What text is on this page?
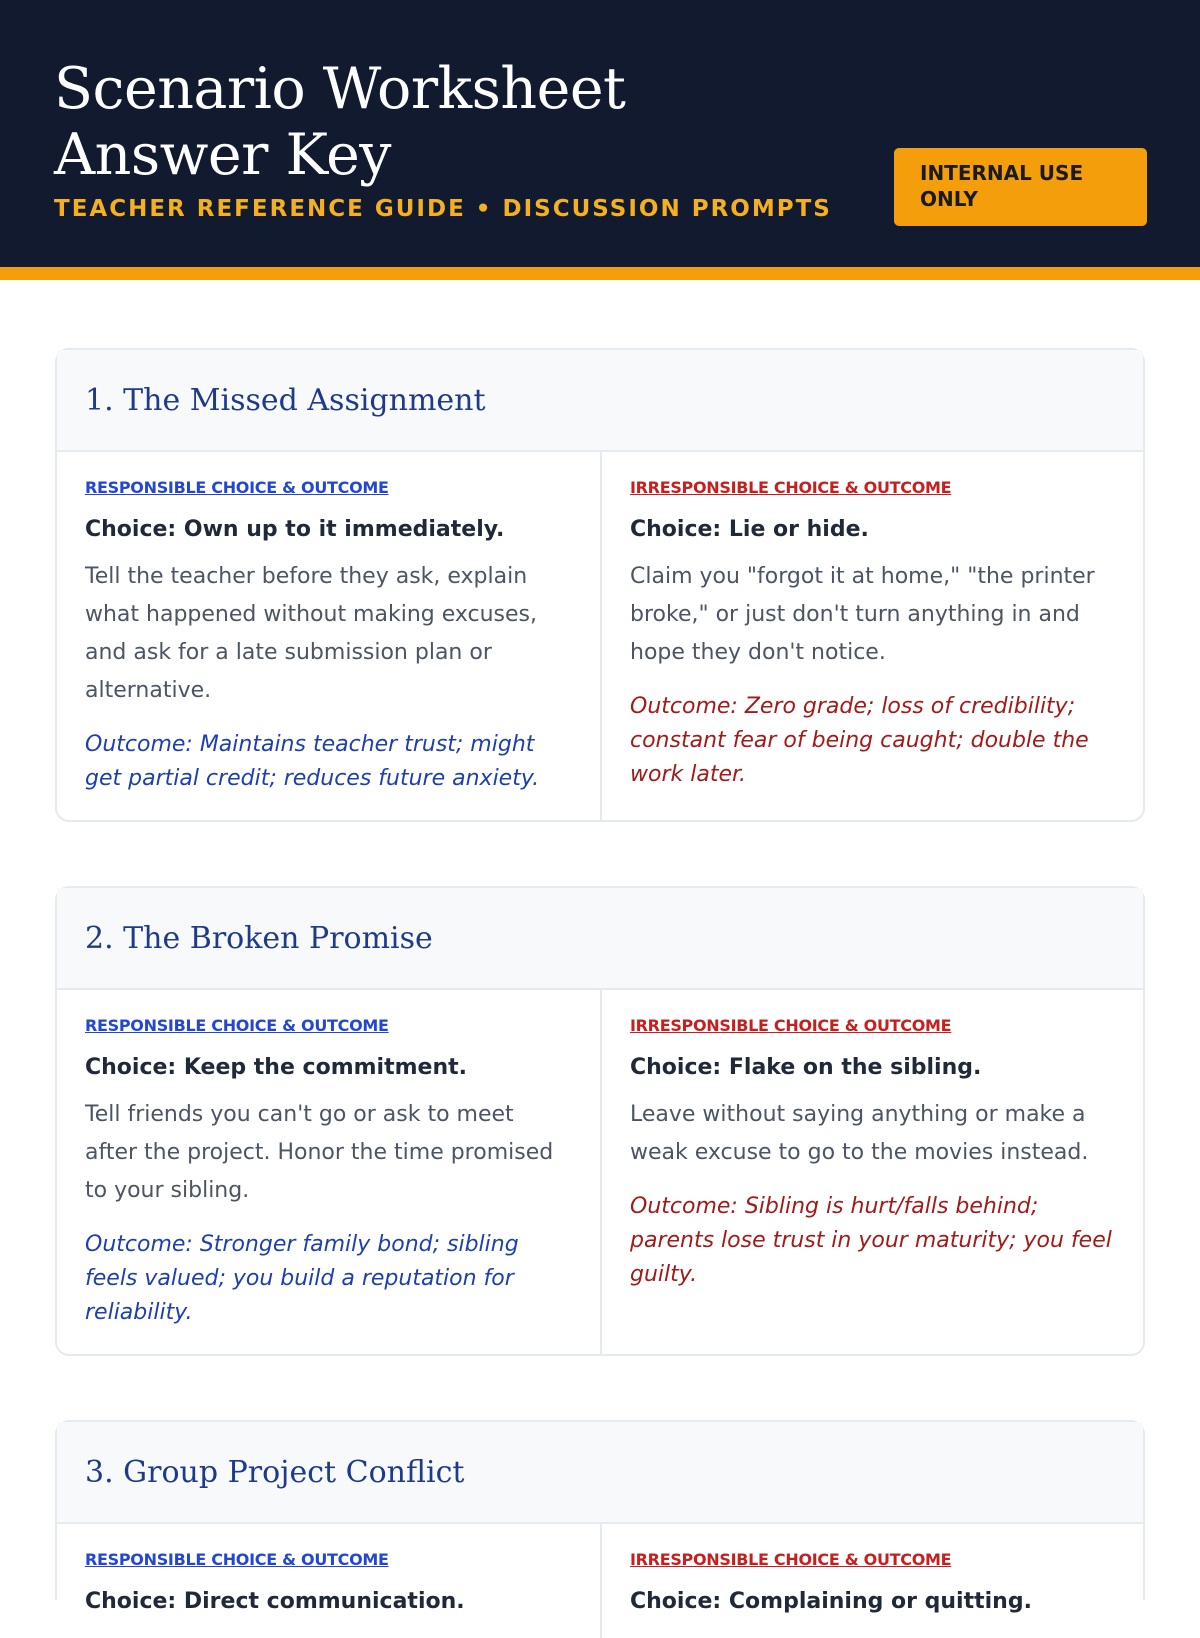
Scenario Worksheet Answer Key
TEACHER REFERENCE GUIDE • DISCUSSION PROMPTS
INTERNAL USE ONLY
1. The Missed Assignment
RESPONSIBLE CHOICE & OUTCOME
Choice: Own up to it immediately.

Tell the teacher before they ask, explain what happened without making excuses, and ask for a late submission plan or alternative.

Outcome: Maintains teacher trust; might get partial credit; reduces future anxiety.

IRRESPONSIBLE CHOICE & OUTCOME
Choice: Lie or hide.

Claim you "forgot it at home," "the printer broke," or just don't turn anything in and hope they don't notice.

Outcome: Zero grade; loss of credibility; constant fear of being caught; double the work later.

2. The Broken Promise
RESPONSIBLE CHOICE & OUTCOME
Choice: Keep the commitment.

Tell friends you can't go or ask to meet after the project. Honor the time promised to your sibling.

Outcome: Stronger family bond; sibling feels valued; you build a reputation for reliability.

IRRESPONSIBLE CHOICE & OUTCOME
Choice: Flake on the sibling.

Leave without saying anything or make a weak excuse to go to the movies instead.

Outcome: Sibling is hurt/falls behind; parents lose trust in your maturity; you feel guilty.

3. Group Project Conflict
RESPONSIBLE CHOICE & OUTCOME
Choice: Direct communication.
IRRESPONSIBLE CHOICE & OUTCOME
Choice: Complaining or quitting.
